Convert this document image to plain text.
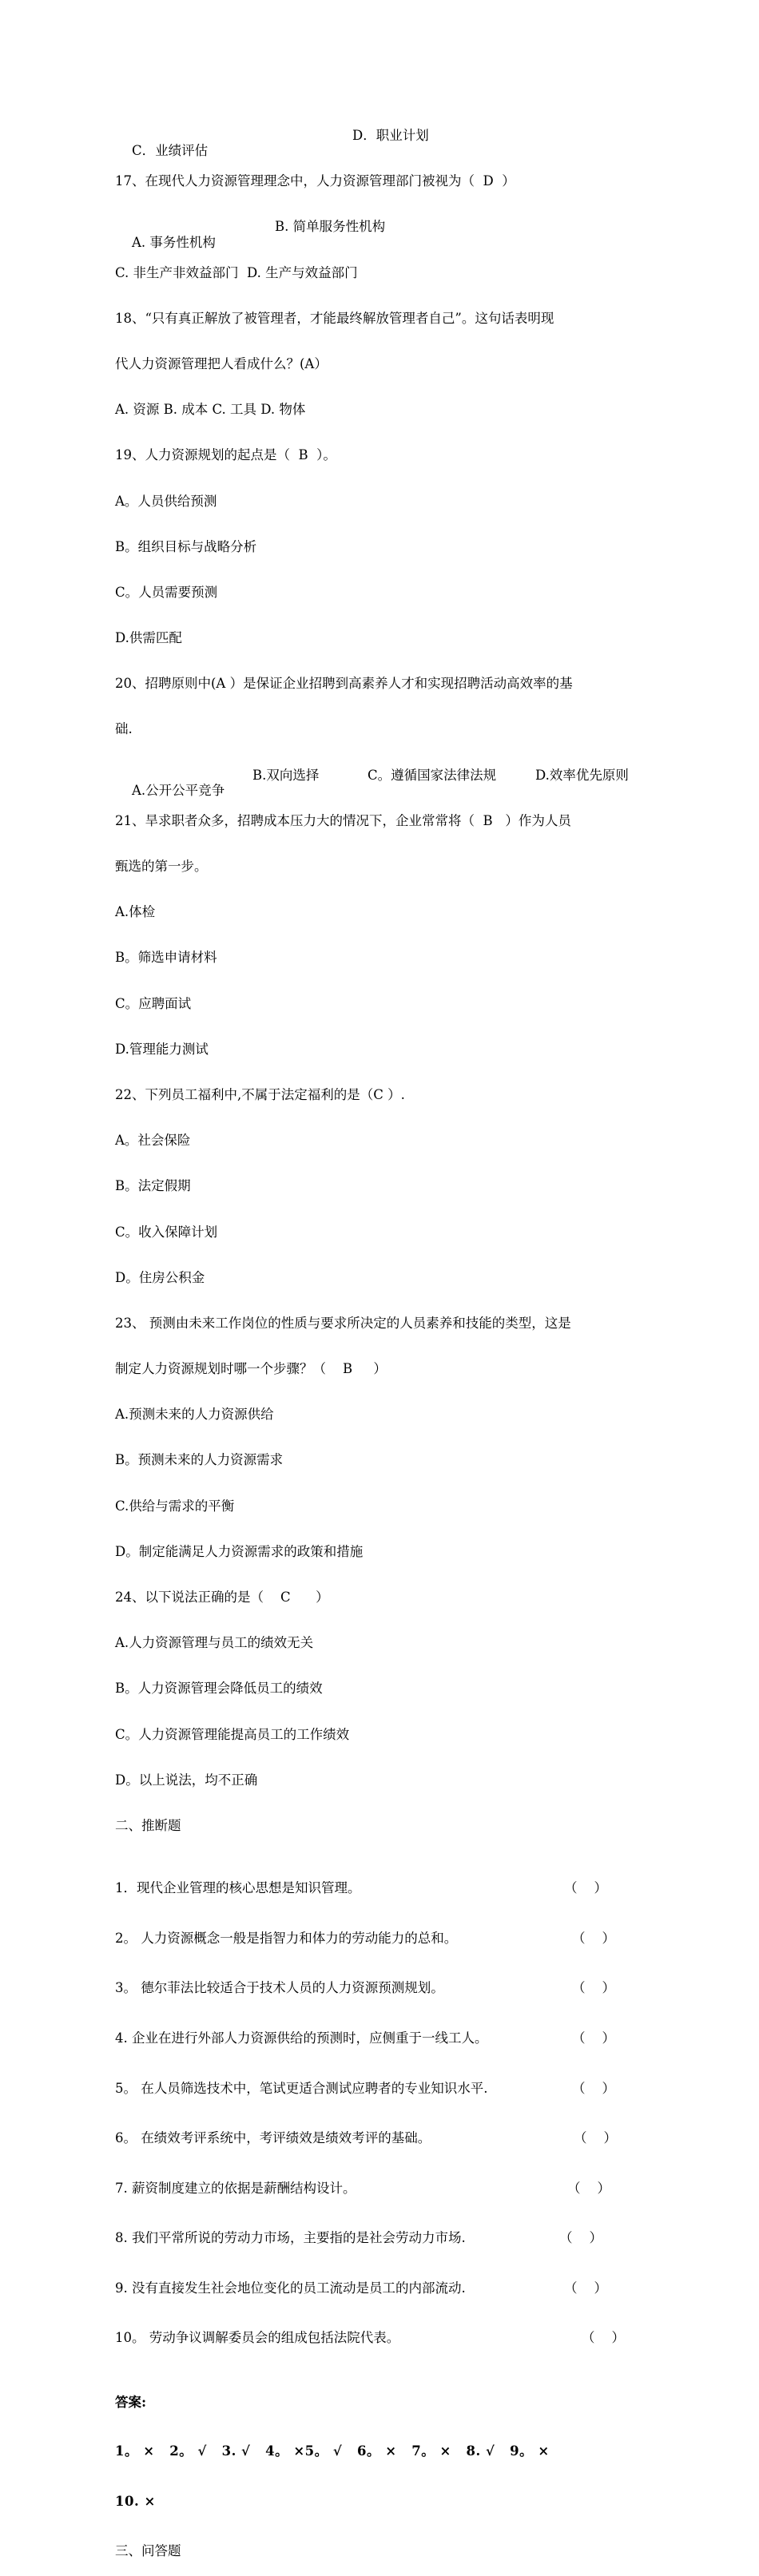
C．业绩评估
D．职业计划

17、在现代人力资源管理理念中，人力资源管理部门被视为（  D  ）

A. 事务性机构
B. 简单服务性机构

C. 非生产非效益部门  D. 生产与效益部门

18、“只有真正解放了被管理者，才能最终解放管理者自己”。这句话表明现

代人力资源管理把人看成什么？(A）

A. 资源 B. 成本 C. 工具 D. 物体

19、人力资源规划的起点是（  B  ）。

A。人员供给预测

B。组织目标与战略分析

C。人员需要预测

D.供需匹配

20、招聘原则中(A ）是保证企业招聘到高素养人才和实现招聘活动高效率的基

础.

A.公开公平竞争
B.双向选择	C。遵循国家法律法规	D.效率优先原则

21、旱求职者众多，招聘成本压力大的情况下，企业常常将（  B   ）作为人员

甄选的第一步。

A.体检

B。筛选申请材料

C。应聘面试

D.管理能力测试

22、下列员工福利中,不属于法定福利的是（C ）.

A。社会保险

B。法定假期

C。收入保障计划

D。住房公积金

23、 预测由未来工作岗位的性质与要求所决定的人员素养和技能的类型，这是

制定人力资源规划时哪一个步骤？（    B     ）

A.预测未来的人力资源供给

B。预测未来的人力资源需求

C.供给与需求的平衡

D。制定能满足人力资源需求的政策和措施

24、以下说法正确的是（    C      ）

A.人力资源管理与员工的绩效无关

B。人力资源管理会降低员工的绩效

C。人力资源管理能提高员工的工作绩效

D。以上说法，均不正确

二、推断题

1．现代企业管理的核心思想是知识管理。	（    ）

2。 人力资源概念一般是指智力和体力的劳动能力的总和。	（    ）

3。 德尔菲法比较适合于技术人员的人力资源预测规划。	（    ）

4. 企业在进行外部人力资源供给的预测时，应侧重于一线工人。	（    ）

5。 在人员筛选技术中，笔试更适合测试应聘者的专业知识水平.	（    ）

6。 在绩效考评系统中，考评绩效是绩效考评的基础。	（    ）

7. 薪资制度建立的依据是薪酬结构设计。	（    ）

8. 我们平常所说的劳动力市场，主要指的是社会劳动力市场.	（    ）

9. 没有直接发生社会地位变化的员工流动是员工的内部流动.	（    ）

10。 劳动争议调解委员会的组成包括法院代表。	（    ）

答案:

1。 ×   2。 √   3. √   4。 ×5。 √   6。 ×   7。 ×   8. √   9。 ×

10. ×

三、问答题
